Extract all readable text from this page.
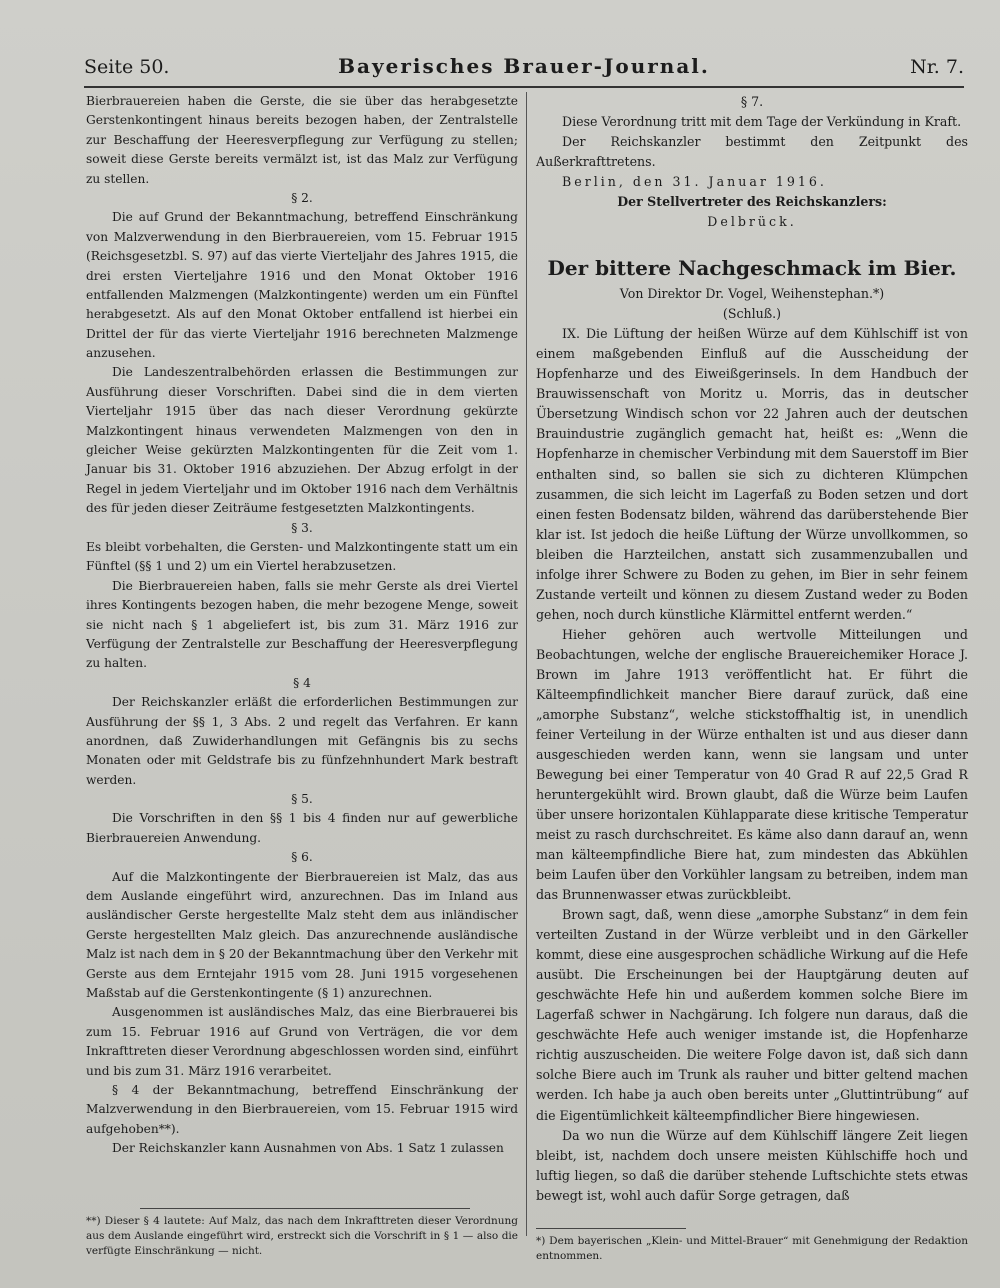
Seite 50.	Bayerisches Brauer-Journal.	Nr. 7.

Bierbrauereien haben die Gerste, die sie über das herabgesetzte Gerstenkontingent hinaus bereits bezogen haben, der Zentralstelle zur Beschaffung der Heeresverpflegung zur Verfügung zu stellen; soweit diese Gerste bereits vermälzt ist, ist das Malz zur Verfügung zu stellen.

§ 2.

Die auf Grund der Bekanntmachung, betreffend Einschränkung von Malzverwendung in den Bierbrauereien, vom 15. Februar 1915 (Reichsgesetzbl. S. 97) auf das vierte Vierteljahr des Jahres 1915, die drei ersten Vierteljahre 1916 und den Monat Oktober 1916 entfallenden Malzmengen (Malzkontingente) werden um ein Fünftel herabgesetzt. Als auf den Monat Oktober entfallend ist hierbei ein Drittel der für das vierte Vierteljahr 1916 berechneten Malzmenge anzusehen.

Die Landeszentralbehörden erlassen die Bestimmungen zur Ausführung dieser Vorschriften. Dabei sind die in dem vierten Vierteljahr 1915 über das nach dieser Verordnung gekürzte Malzkontingent hinaus verwendeten Malzmengen von den in gleicher Weise gekürzten Malzkontingenten für die Zeit vom 1. Januar bis 31. Oktober 1916 abzuziehen. Der Abzug erfolgt in der Regel in jedem Vierteljahr und im Oktober 1916 nach dem Verhältnis des für jeden dieser Zeiträume festgesetzten Malzkontingents.

§ 3.

Es bleibt vorbehalten, die Gersten- und Malzkontingente statt um ein Fünftel (§§ 1 und 2) um ein Viertel herabzusetzen.

Die Bierbrauereien haben, falls sie mehr Gerste als drei Viertel ihres Kontingents bezogen haben, die mehr bezogene Menge, soweit sie nicht nach § 1 abgeliefert ist, bis zum 31. März 1916 zur Verfügung der Zentralstelle zur Beschaffung der Heeresverpflegung zu halten.

§ 4

Der Reichskanzler erläßt die erforderlichen Bestimmungen zur Ausführung der §§ 1, 3 Abs. 2 und regelt das Verfahren. Er kann anordnen, daß Zuwiderhandlungen mit Gefängnis bis zu sechs Monaten oder mit Geldstrafe bis zu fünfzehnhundert Mark bestraft werden.

§ 5.

Die Vorschriften in den §§ 1 bis 4 finden nur auf gewerbliche Bierbrauereien Anwendung.

§ 6.

Auf die Malzkontingente der Bierbrauereien ist Malz, das aus dem Auslande eingeführt wird, anzurechnen. Das im Inland aus ausländischer Gerste hergestellte Malz steht dem aus inländischer Gerste hergestellten Malz gleich. Das anzurechnende ausländische Malz ist nach dem in § 20 der Bekanntmachung über den Verkehr mit Gerste aus dem Erntejahr 1915 vom 28. Juni 1915 vorgesehenen Maßstab auf die Gerstenkontingente (§ 1) anzurechnen.

Ausgenommen ist ausländisches Malz, das eine Bierbrauerei bis zum 15. Februar 1916 auf Grund von Verträgen, die vor dem Inkrafttreten dieser Verordnung abgeschlossen worden sind, einführt und bis zum 31. März 1916 verarbeitet.

§ 4 der Bekanntmachung, betreffend Einschränkung der Malzverwendung in den Bierbrauereien, vom 15. Februar 1915 wird aufgehoben**).

Der Reichskanzler kann Ausnahmen von Abs. 1 Satz 1 zulassen

**) Dieser § 4 lautete: Auf Malz, das nach dem Inkrafttreten dieser Verordnung aus dem Auslande eingeführt wird, erstreckt sich die Vorschrift in § 1 — also die verfügte Einschränkung — nicht.

§ 7.

Diese Verordnung tritt mit dem Tage der Verkündung in Kraft.

Der Reichskanzler bestimmt den Zeitpunkt des Außerkrafttretens.

Berlin, den 31. Januar 1916.

Der Stellvertreter des Reichskanzlers:

Delbrück.

Der bittere Nachgeschmack im Bier.

Von Direktor Dr. Vogel, Weihenstephan.*)

(Schluß.)

IX. Die Lüftung der heißen Würze auf dem Kühlschiff ist von einem maßgebenden Einfluß auf die Ausscheidung der Hopfenharze und des Eiweißgerinsels. In dem Handbuch der Brauwissenschaft von Moritz u. Morris, das in deutscher Übersetzung Windisch schon vor 22 Jahren auch der deutschen Brauindustrie zugänglich gemacht hat, heißt es: „Wenn die Hopfenharze in chemischer Verbindung mit dem Sauerstoff im Bier enthalten sind, so ballen sie sich zu dichteren Klümpchen zusammen, die sich leicht im Lagerfaß zu Boden setzen und dort einen festen Bodensatz bilden, während das darüberstehende Bier klar ist. Ist jedoch die heiße Lüftung der Würze unvollkommen, so bleiben die Harzteilchen, anstatt sich zusammenzuballen und infolge ihrer Schwere zu Boden zu gehen, im Bier in sehr feinem Zustande verteilt und können zu diesem Zustand weder zu Boden gehen, noch durch künstliche Klärmittel entfernt werden.“

Hieher gehören auch wertvolle Mitteilungen und Beobachtungen, welche der englische Brauereichemiker Horace J. Brown im Jahre 1913 veröffentlicht hat. Er führt die Kälteempfindlichkeit mancher Biere darauf zurück, daß eine „amorphe Substanz“, welche stickstoffhaltig ist, in unendlich feiner Verteilung in der Würze enthalten ist und aus dieser dann ausgeschieden werden kann, wenn sie langsam und unter Bewegung bei einer Temperatur von 40 Grad R auf 22,5 Grad R heruntergekühlt wird. Brown glaubt, daß die Würze beim Laufen über unsere horizontalen Kühlapparate diese kritische Temperatur meist zu rasch durchschreitet. Es käme also dann darauf an, wenn man kälteempfindliche Biere hat, zum mindesten das Abkühlen beim Laufen über den Vorkühler langsam zu betreiben, indem man das Brunnenwasser etwas zurückbleibt.

Brown sagt, daß, wenn diese „amorphe Substanz“ in dem fein verteilten Zustand in der Würze verbleibt und in den Gärkeller kommt, diese eine ausgesprochen schädliche Wirkung auf die Hefe ausübt. Die Erscheinungen bei der Hauptgärung deuten auf geschwächte Hefe hin und außerdem kommen solche Biere im Lagerfaß schwer in Nachgärung. Ich folgere nun daraus, daß die geschwächte Hefe auch weniger imstande ist, die Hopfenharze richtig auszuscheiden. Die weitere Folge davon ist, daß sich dann solche Biere auch im Trunk als rauher und bitter geltend machen werden. Ich habe ja auch oben bereits unter „Gluttintrübung“ auf die Eigentümlichkeit kälteempfindlicher Biere hingewiesen.

Da wo nun die Würze auf dem Kühlschiff längere Zeit liegen bleibt, ist, nachdem doch unsere meisten Kühlschiffe hoch und luftig liegen, so daß die darüber stehende Luftschichte stets etwas bewegt ist, wohl auch dafür Sorge getragen, daß

*) Dem bayerischen „Klein- und Mittel-Brauer“ mit Genehmigung der Redaktion entnommen.
